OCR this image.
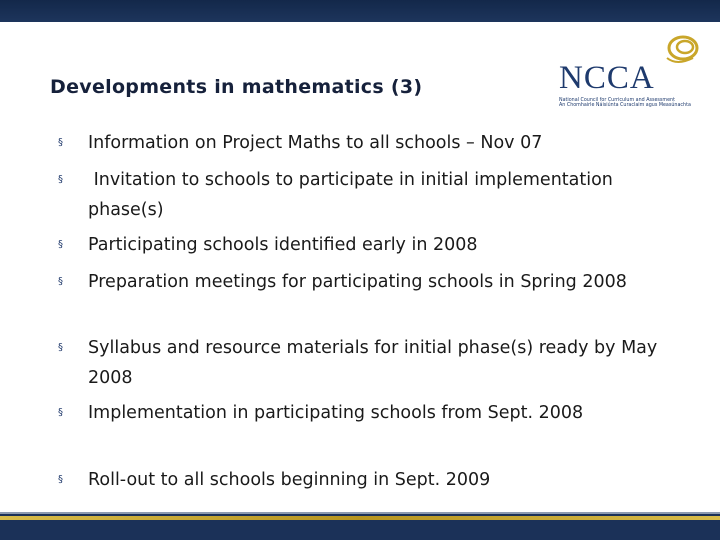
NCCA
National Council for Curriculum and Assessment
An Chomhairle Náisiúnta Curaclaim agus Measúnachta
Developments in mathematics (3)
§ Information on Project Maths to all schools – Nov 07
§ Invitation to schools to participate in initial implementation phase(s)
§ Participating schools identified early in 2008
§ Preparation meetings for participating schools in Spring 2008
§ Syllabus and resource materials for initial phase(s) ready by May 2008
§ Implementation in participating schools from Sept. 2008
§ Roll-out to all schools beginning in Sept. 2009
